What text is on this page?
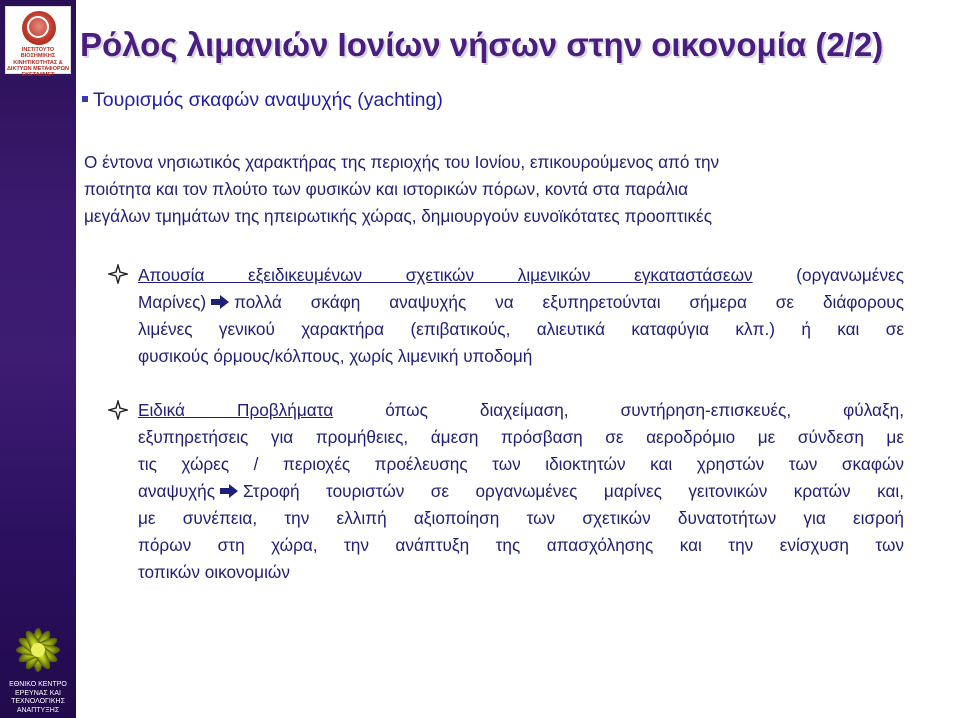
ΙΝΣΤΙΤΟΥΤΟ ΒΙΟΣΗΜΙΚΗΣ
ΚΙΝΗΤΙΚΟΤΗΤΑΣ &
ΔΙΚΤΥΩΝ ΜΕΤΑΦΟΡΩΝ
ΕΚΕΤΑ/ΙΜΕΤ
ΕΘΝΙΚΟ ΚΕΝΤΡΟ
ΕΡΕΥΝΑΣ ΚΑΙ
ΤΕΧΝΟΛΟΓΙΚΗΣ
ΑΝΑΠΤΥΞΗΣ
Ρόλος λιμανιών Ιονίων νήσων στην οικονομία (2/2)
Τουρισμός σκαφών αναψυχής (yachting)
Ο έντονα νησιωτικός χαρακτήρας της περιοχής του Ιονίου, επικουρούμενος από την
ποιότητα και τον πλούτο των φυσικών και ιστορικών πόρων, κοντά στα παράλια
μεγάλων τμημάτων της ηπειρωτικής χώρας, δημιουργούν ευνοϊκότατες προοπτικές
Απουσία εξειδικευμένων σχετικών λιμενικών εγκαταστάσεων	(οργανωμένες
Μαρίνες) πολλά σκάφη αναψυχής να εξυπηρετούνται σήμερα σε διάφορους
λιμένες γενικού χαρακτήρα (επιβατικούς, αλιευτικά καταφύγια κλπ.) ή και σε
φυσικούς όρμους/κόλπους, χωρίς λιμενική υποδομή
Ειδικά Προβλήματα	όπως διαχείμαση, συντήρηση-επισκευές, φύλαξη,
εξυπηρετήσεις για προμήθειες, άμεση πρόσβαση σε αεροδρόμιο με σύνδεση με
τις χώρες / περιοχές προέλευσης των ιδιοκτητών και χρηστών των σκαφών
αναψυχής Στροφή τουριστών σε οργανωμένες μαρίνες γειτονικών κρατών και,
με συνέπεια, την ελλιπή αξιοποίηση των σχετικών δυνατοτήτων για εισροή
πόρων στη χώρα, την ανάπτυξη της απασχόλησης και την ενίσχυση των
τοπικών οικονομιών
